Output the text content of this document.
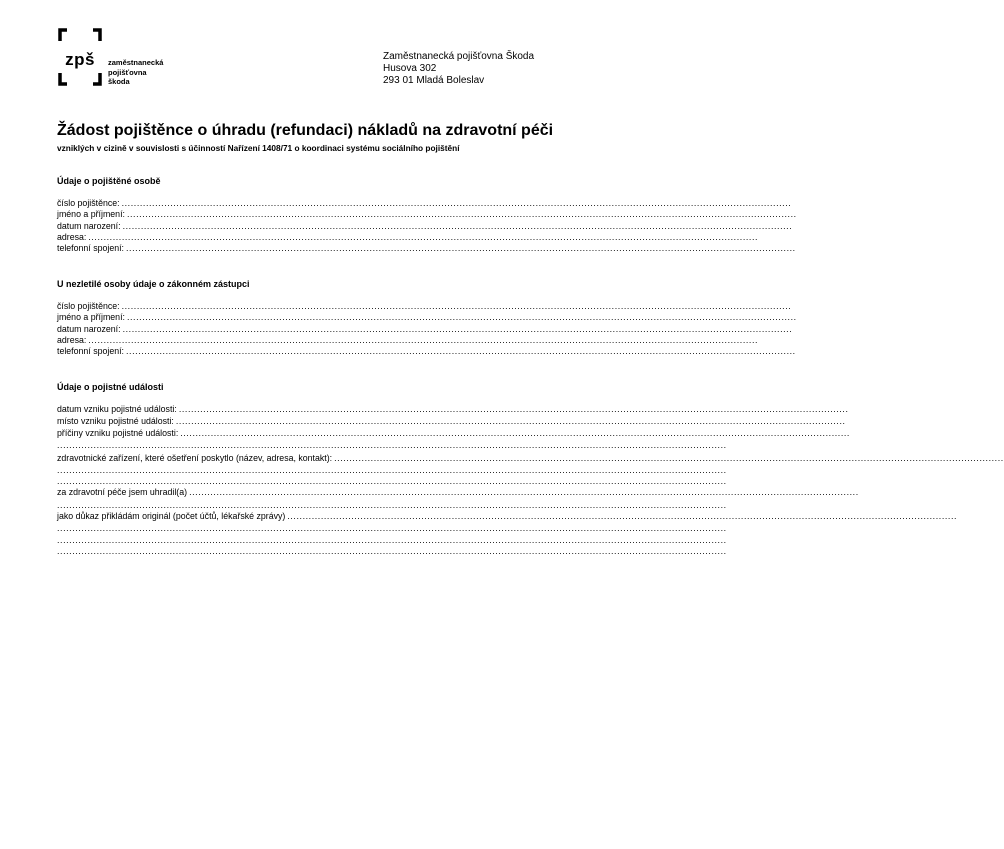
zpš	zaměstnanecká
pojišťovna
škoda
Zaměstnanecká pojišťovna Škoda
Husova 302
293 01 Mladá Boleslav
Žádost pojištěnce o úhradu (refundaci) nákladů na zdravotní péči
vzniklých v cizině v souvislosti s účinností Nařízení 1408/71 o koordinaci systému sociálního pojištění
Údaje o pojištěné osobě
číslo pojištěnce: ............................................................................................................................................................................................................................
jméno a příjmení: ............................................................................................................................................................................................................................
datum narození: ............................................................................................................................................................................................................................
adresa: ............................................................................................................................................................................................................................
telefonní spojení: ............................................................................................................................................................................................................................
U nezletilé osoby údaje o zákonném zástupci
číslo pojištěnce: ............................................................................................................................................................................................................................
jméno a příjmení: ............................................................................................................................................................................................................................
datum narození: ............................................................................................................................................................................................................................
adresa: ............................................................................................................................................................................................................................
telefonní spojení: ............................................................................................................................................................................................................................
Údaje o pojistné události
datum vzniku pojistné události: ............................................................................................................................................................................................................................
místo vzniku pojistné události: ............................................................................................................................................................................................................................
příčiny vzniku pojistné události: ............................................................................................................................................................................................................................
............................................................................................................................................................................................................................
zdravotnické zařízení, které ošetření poskytlo (název, adresa, kontakt): ............................................................................................................................................................................................................................
............................................................................................................................................................................................................................
............................................................................................................................................................................................................................
za zdravotní péče jsem uhradil(a) ............................................................................................................................................................................................................................
............................................................................................................................................................................................................................
jako důkaz přikládám originál (počet účtů, lékařské zprávy) ............................................................................................................................................................................................................................
............................................................................................................................................................................................................................
............................................................................................................................................................................................................................
............................................................................................................................................................................................................................
